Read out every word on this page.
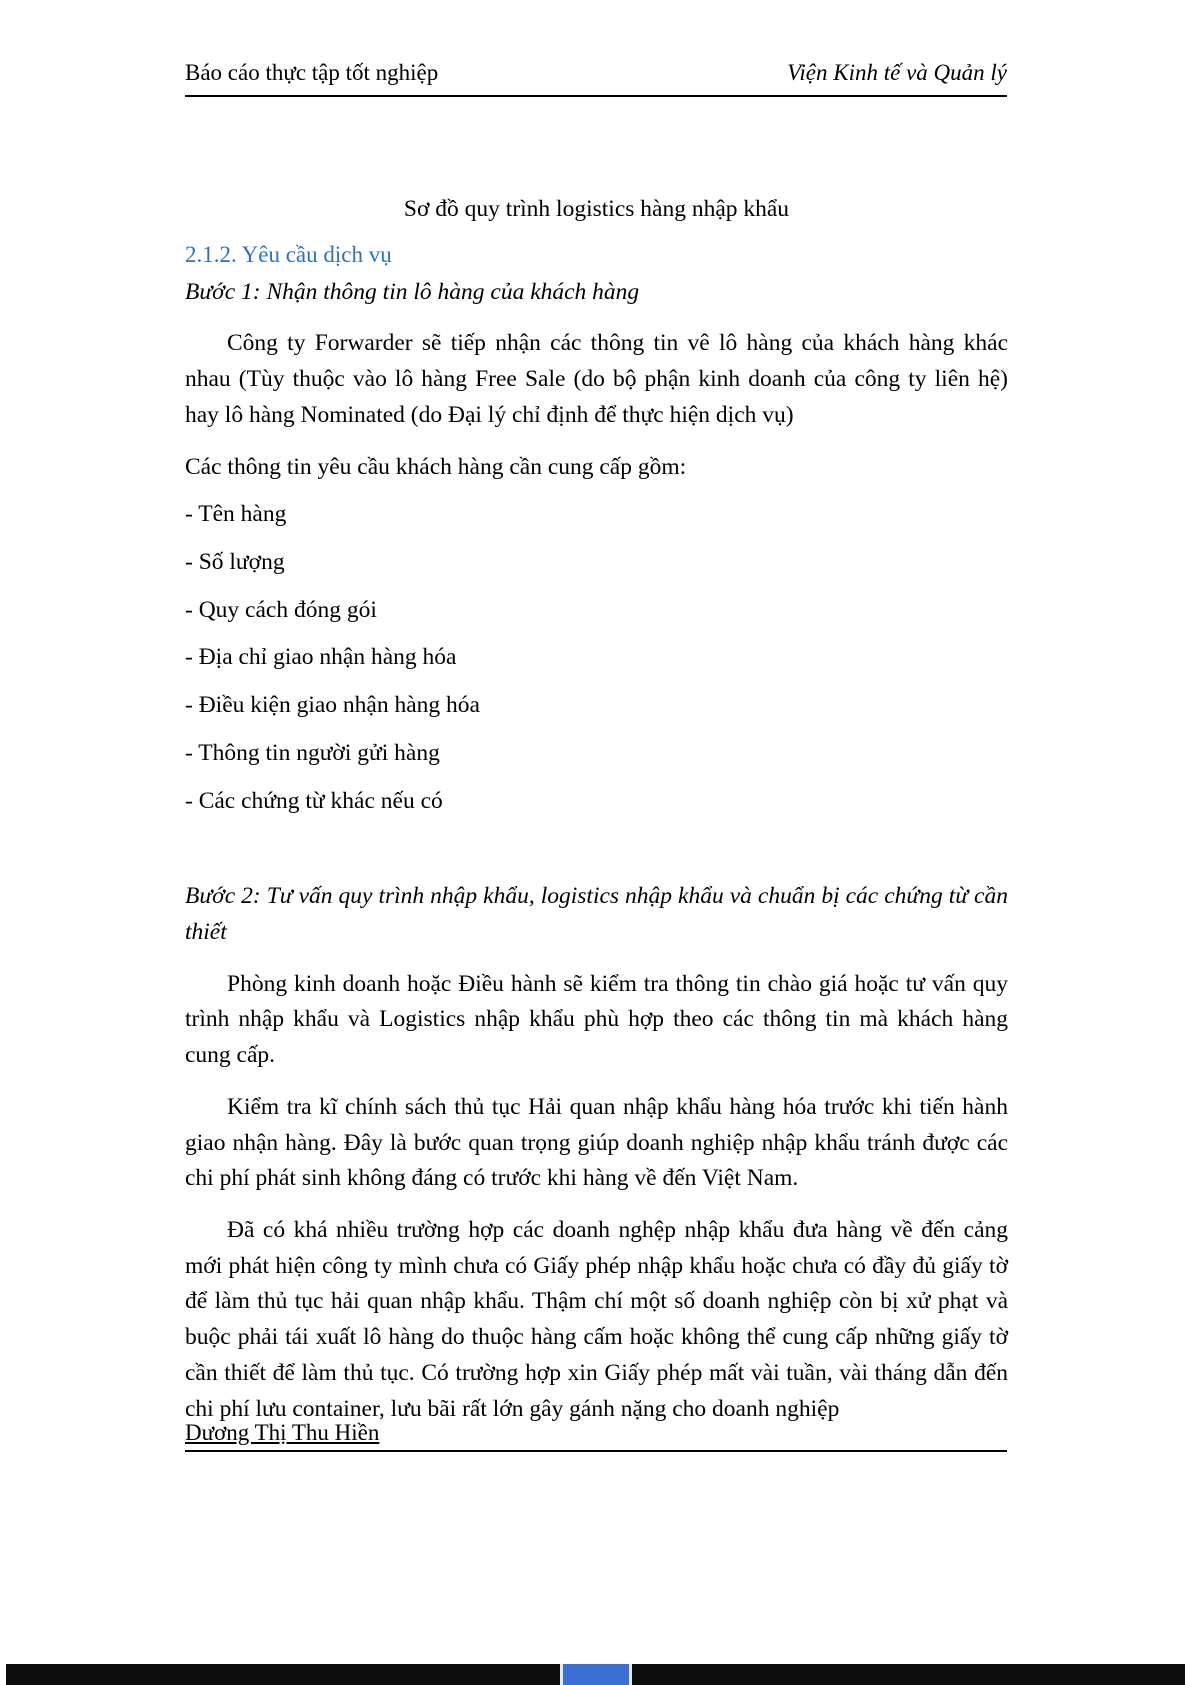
Báo cáo thực tập tốt nghiệp	Viện Kinh tế và Quản lý
Sơ đồ quy trình logistics hàng nhập khẩu
2.1.2. Yêu cầu dịch vụ
Bước 1: Nhận thông tin lô hàng của khách hàng

Công ty Forwarder sẽ tiếp nhận các thông tin vê lô hàng của khách hàng khác nhau (Tùy thuộc vào lô hàng Free Sale (do bộ phận kinh doanh của công ty liên hệ) hay lô hàng Nominated (do Đại lý chỉ định để thực hiện dịch vụ)

Các thông tin yêu cầu khách hàng cần cung cấp gồm:

- Tên hàng
- Số lượng
- Quy cách đóng gói
- Địa chỉ giao nhận hàng hóa
- Điều kiện giao nhận hàng hóa
- Thông tin người gửi hàng
- Các chứng từ khác nếu có
Bước 2: Tư vấn quy trình nhập khẩu, logistics nhập khẩu và chuẩn bị các chứng từ cần thiết

Phòng kinh doanh hoặc Điều hành sẽ kiểm tra thông tin chào giá hoặc tư vấn quy trình nhập khẩu và Logistics nhập khẩu phù hợp theo các thông tin mà khách hàng cung cấp.

Kiểm tra kĩ chính sách thủ tục Hải quan nhập khẩu hàng hóa trước khi tiến hành giao nhận hàng. Đây là bước quan trọng giúp doanh nghiệp nhập khẩu tránh được các chi phí phát sinh không đáng có trước khi hàng về đến Việt Nam.

Đã có khá nhiều trường hợp các doanh nghệp nhập khẩu đưa hàng về đến cảng mới phát hiện công ty mình chưa có Giấy phép nhập khẩu hoặc chưa có đầy đủ giấy tờ để làm thủ tục hải quan nhập khẩu. Thậm chí một số doanh nghiệp còn bị xử phạt và buộc phải tái xuất lô hàng do thuộc hàng cấm hoặc không thể cung cấp những giấy tờ cần thiết để làm thủ tục. Có trường hợp xin Giấy phép mất vài tuần, vài tháng dẫn đến chi phí lưu container, lưu bãi rất lớn gây gánh nặng cho doanh nghiệp

Dương Thị Thu Hiền
